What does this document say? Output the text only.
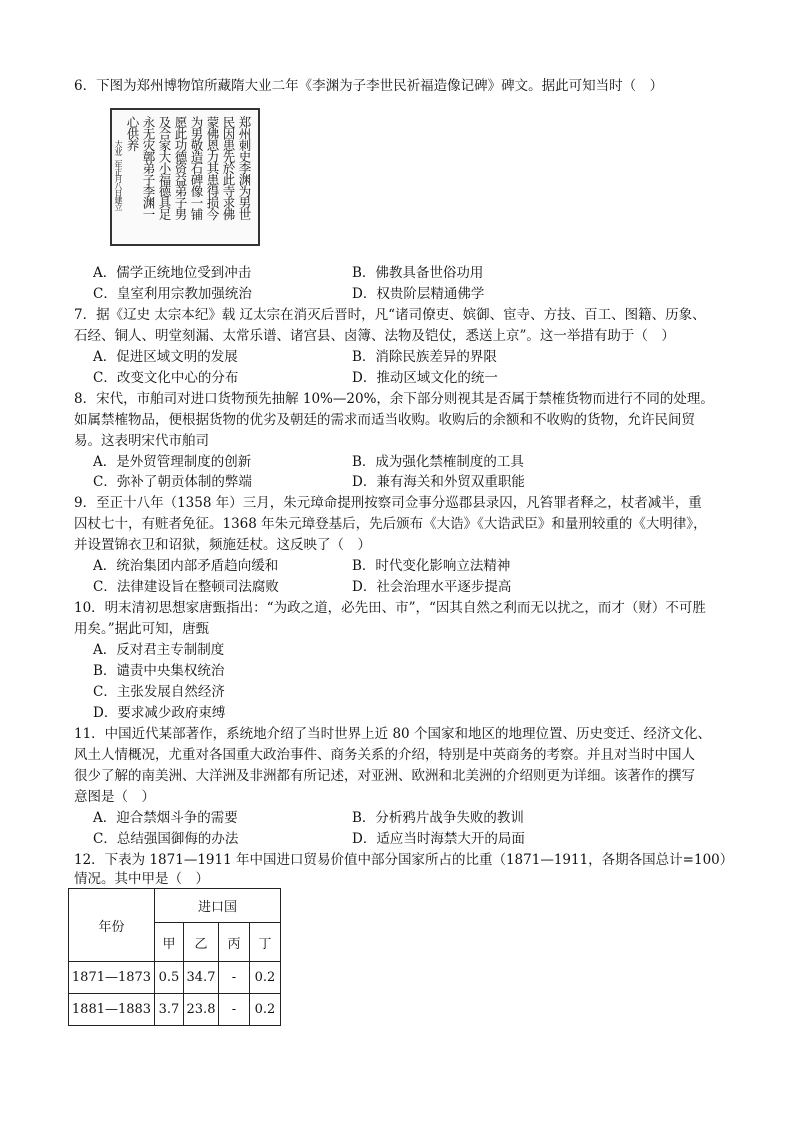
6．下图为郑州博物馆所藏隋大业二年《李渊为子李世民祈福造像记碑》碑文。据此可知当时（　）
郑州刺史李渊为男世
民因患先於此寺求佛
蒙佛恩力其患得损今
为男敬造石碑像一铺
愿此功德资益弟子男
及合家大小福德具足
永无灾鄣弟子李渊一
心供养
大业二年正月八日建立
A．儒学正统地位受到冲击	B．佛教具备世俗功用
C．皇室利用宗教加强统治	D．权贵阶层精通佛学
7．据《辽史 太宗本纪》载 辽太宗在消灭后晋时，凡“诸司僚吏、嫔御、宦寺、方技、百工、图籍、历象、
石经、铜人、明堂刻漏、太常乐谱、诸宫县、卤簿、法物及铠仗，悉送上京”。这一举措有助于（　）
A．促进区域文明的发展	B．消除民族差异的界限
C．改变文化中心的分布	D．推动区域文化的统一
8．宋代，市舶司对进口货物预先抽解 10%—20%，余下部分则视其是否属于禁榷货物而进行不同的处理。
如属禁榷物品，便根据货物的优劣及朝廷的需求而适当收购。收购后的余额和不收购的货物，允许民间贸
易。这表明宋代市舶司
A．是外贸管理制度的创新	B．成为强化禁榷制度的工具
C．弥补了朝贡体制的弊端	D．兼有海关和外贸双重职能
9．至正十八年（1358 年）三月，朱元璋命提刑按察司佥事分巡郡县录囚，凡笞罪者释之，杖者减半，重
囚杖七十，有赃者免征。1368 年朱元璋登基后，先后颁布《大诰》《大诰武臣》和量刑较重的《大明律》，
并设置锦衣卫和诏狱，频施廷杖。这反映了（　）
A．统治集团内部矛盾趋向缓和	B．时代变化影响立法精神
C．法律建设旨在整顿司法腐败	D．社会治理水平逐步提高
10．明末清初思想家唐甄指出：“为政之道，必先田、市”，“因其自然之利而无以扰之，而才（财）不可胜
用矣。”据此可知，唐甄
A．反对君主专制制度
B．谴责中央集权统治
C．主张发展自然经济
D．要求减少政府束缚
11．中国近代某部著作，系统地介绍了当时世界上近 80 个国家和地区的地理位置、历史变迁、经济文化、
风土人情概况，尤重对各国重大政治事件、商务关系的介绍，特别是中英商务的考察。并且对当时中国人
很少了解的南美洲、大洋洲及非洲都有所记述，对亚洲、欧洲和北美洲的介绍则更为详细。该著作的撰写
意图是（　）
A．迎合禁烟斗争的需要	B．分析鸦片战争失败的教训
C．总结强国御侮的办法	D．适应当时海禁大开的局面
12．下表为 1871—1911 年中国进口贸易价值中部分国家所占的比重（1871—1911，各期各国总计=100）
情况。其中甲是（　）
年份	进口国			
	甲	乙	丙	丁
1871—1873	0.5	34.7	-	0.2
1881—1883	3.7	23.8	-	0.2
